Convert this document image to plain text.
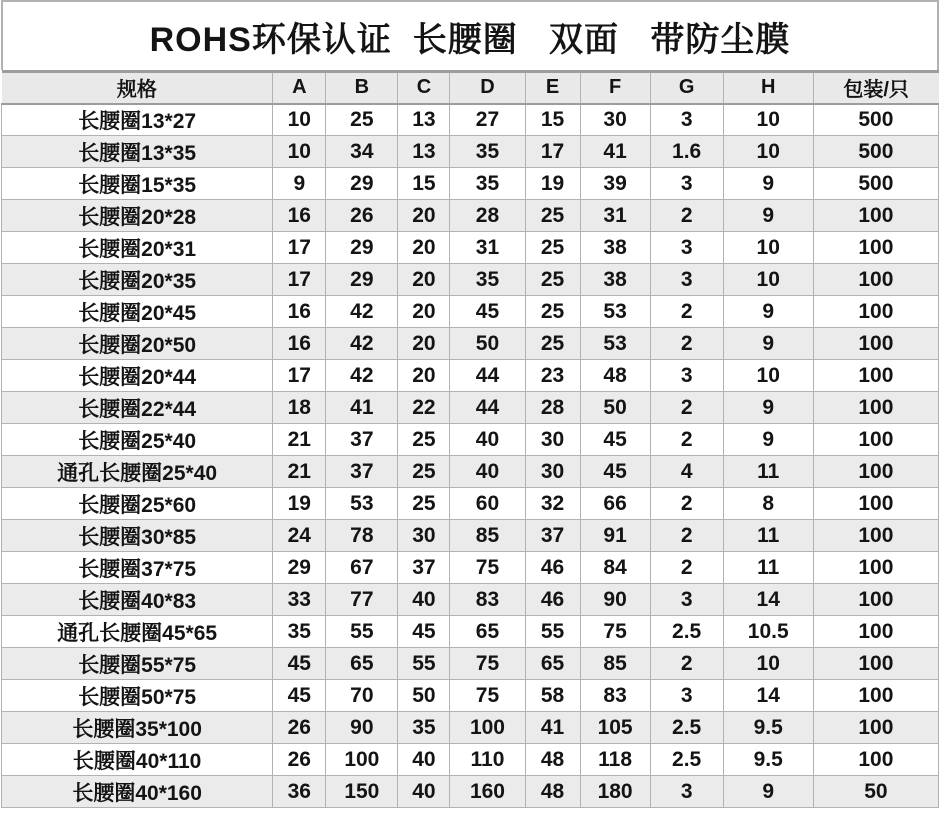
ROHS环保认证  长腰圈   双面   带防尘膜
规格	A	B	C	D	E	F	G	H	包装/只
长腰圈13*27	10	25	13	27	15	30	3	10	500
长腰圈13*35	10	34	13	35	17	41	1.6	10	500
长腰圈15*35	9	29	15	35	19	39	3	9	500
长腰圈20*28	16	26	20	28	25	31	2	9	100
长腰圈20*31	17	29	20	31	25	38	3	10	100
长腰圈20*35	17	29	20	35	25	38	3	10	100
长腰圈20*45	16	42	20	45	25	53	2	9	100
长腰圈20*50	16	42	20	50	25	53	2	9	100
长腰圈20*44	17	42	20	44	23	48	3	10	100
长腰圈22*44	18	41	22	44	28	50	2	9	100
长腰圈25*40	21	37	25	40	30	45	2	9	100
通孔长腰圈25*40	21	37	25	40	30	45	4	11	100
长腰圈25*60	19	53	25	60	32	66	2	8	100
长腰圈30*85	24	78	30	85	37	91	2	11	100
长腰圈37*75	29	67	37	75	46	84	2	11	100
长腰圈40*83	33	77	40	83	46	90	3	14	100
通孔长腰圈45*65	35	55	45	65	55	75	2.5	10.5	100
长腰圈55*75	45	65	55	75	65	85	2	10	100
长腰圈50*75	45	70	50	75	58	83	3	14	100
长腰圈35*100	26	90	35	100	41	105	2.5	9.5	100
长腰圈40*110	26	100	40	110	48	118	2.5	9.5	100
长腰圈40*160	36	150	40	160	48	180	3	9	50
